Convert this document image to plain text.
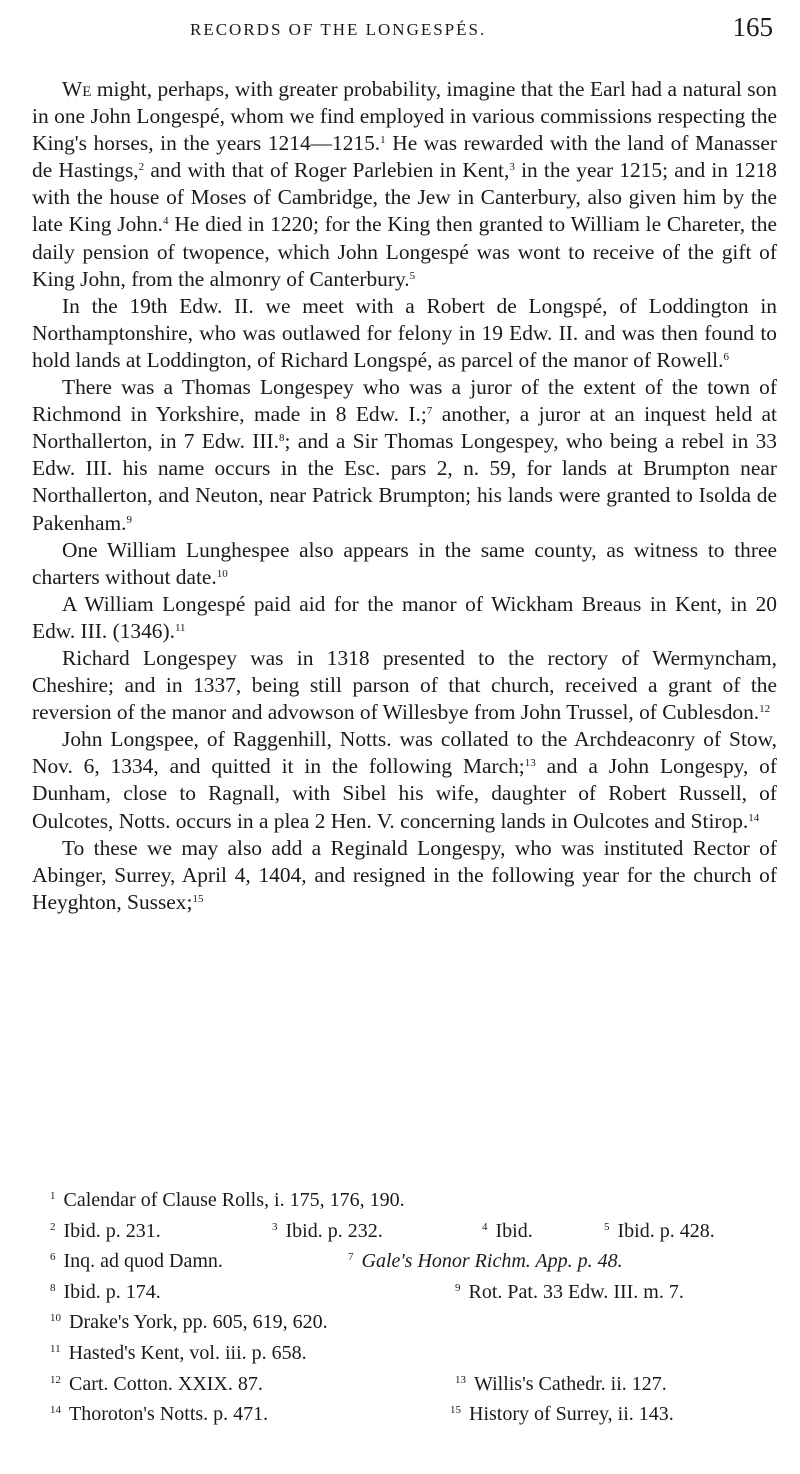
RECORDS OF THE LONGESPÉS.	165

We might, perhaps, with greater probability, imagine that the Earl had a natural son in one John Longespé, whom we find employed in various commissions respecting the King's horses, in the years 1214—1215.$^1$ He was rewarded with the land of Manasser de Hastings,$^2$ and with that of Roger Parlebien in Kent,$^3$ in the year 1215; and in 1218 with the house of Moses of Cambridge, the Jew in Canterbury, also given him by the late King John.$^4$ He died in 1220; for the King then granted to William le Chareter, the daily pension of twopence, which John Longespé was wont to receive of the gift of King John, from the almonry of Canterbury.$^5$

In the 19th Edw. II. we meet with a Robert de Longspé, of Loddington in Northamptonshire, who was outlawed for felony in 19 Edw. II. and was then found to hold lands at Loddington, of Richard Longspé, as parcel of the manor of Rowell.$^6$

There was a Thomas Longespey who was a juror of the extent of the town of Richmond in Yorkshire, made in 8 Edw. I.;$^7$ another, a juror at an inquest held at Northallerton, in 7 Edw. III.$^8$; and a Sir Thomas Longespey, who being a rebel in 33 Edw. III. his name occurs in the Esc. pars 2, n. 59, for lands at Brumpton near Northallerton, and Neuton, near Patrick Brumpton; his lands were granted to Isolda de Pakenham.$^9$

One William Lunghespee also appears in the same county, as witness to three charters without date.$^{10}$

A William Longespé paid aid for the manor of Wickham Breaus in Kent, in 20 Edw. III. (1346).$^{11}$

Richard Longespey was in 1318 presented to the rectory of Wermyncham, Cheshire; and in 1337, being still parson of that church, received a grant of the reversion of the manor and advowson of Willesbye from John Trussel, of Cublesdon.$^{12}$

John Longspee, of Raggenhill, Notts. was collated to the Archdeaconry of Stow, Nov. 6, 1334, and quitted it in the following March;$^{13}$ and a John Longespy, of Dunham, close to Ragnall, with Sibel his wife, daughter of Robert Russell, of Oulcotes, Notts. occurs in a plea 2 Hen. V. concerning lands in Oulcotes and Stirop.$^{14}$

To these we may also add a Reginald Longespy, who was instituted Rector of Abinger, Surrey, April 4, 1404, and resigned in the following year for the church of Heyghton, Sussex;$^{15}$

$^1$ Calendar of Clause Rolls, i. 175, 176, 190.
$^2$ Ibid. p. 231.	$^3$ Ibid. p. 232.	$^4$ Ibid.	$^5$ Ibid. p. 428.
$^6$ Inq. ad quod Damn.	$^7$ Gale's Honor Richm. App. p. 48.
$^8$ Ibid. p. 174.	$^9$ Rot. Pat. 33 Edw. III. m. 7.
$^{10}$ Drake's York, pp. 605, 619, 620.
$^{11}$ Hasted's Kent, vol. iii. p. 658.
$^{12}$ Cart. Cotton. XXIX. 87.	$^{13}$ Willis's Cathedr. ii. 127.
$^{14}$ Thoroton's Notts. p. 471.	$^{15}$ History of Surrey, ii. 143.
